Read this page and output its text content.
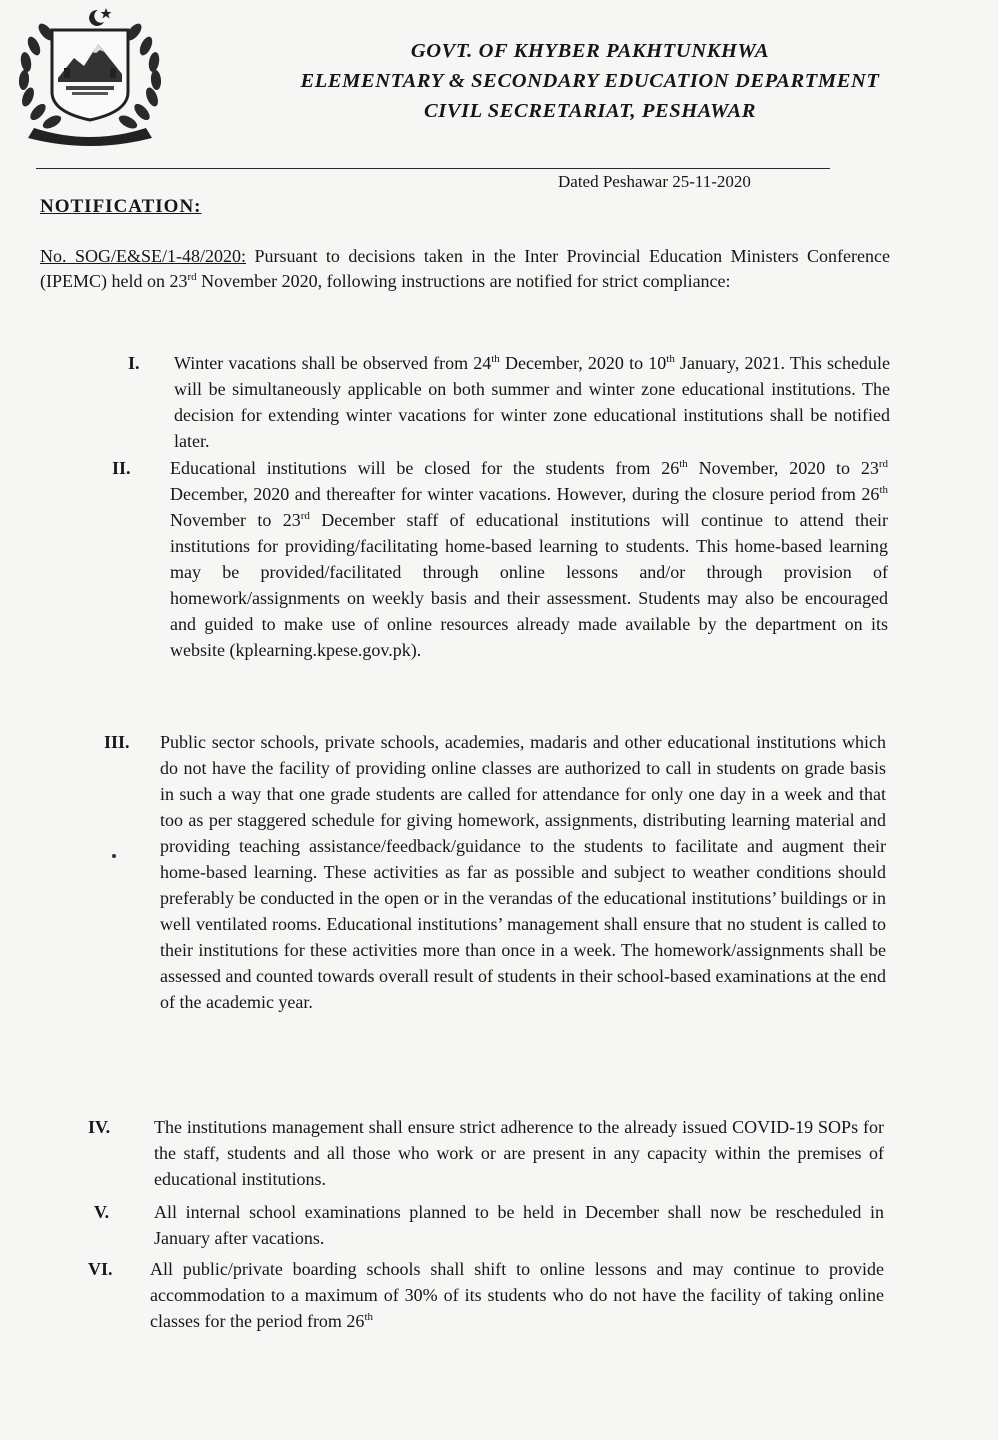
GOVT. OF KHYBER PAKHTUNKHWA
ELEMENTARY & SECONDARY EDUCATION DEPARTMENT
CIVIL SECRETARIAT, PESHAWAR
Dated Peshawar 25-11-2020
NOTIFICATION:
No. SOG/E&SE/1-48/2020: Pursuant to decisions taken in the Inter Provincial Education Ministers Conference (IPEMC) held on 23rd November 2020, following instructions are notified for strict compliance:
I.	Winter vacations shall be observed from 24th December, 2020 to 10th January, 2021. This schedule will be simultaneously applicable on both summer and winter zone educational institutions. The decision for extending winter vacations for winter zone educational institutions shall be notified later.
II.	Educational institutions will be closed for the students from 26th November, 2020 to 23rd December, 2020 and thereafter for winter vacations. However, during the closure period from 26th November to 23rd December staff of educational institutions will continue to attend their institutions for providing/facilitating home-based learning to students. This home-based learning may be provided/facilitated through online lessons and/or through provision of homework/assignments on weekly basis and their assessment. Students may also be encouraged and guided to make use of online resources already made available by the department on its website (kplearning.kpese.gov.pk).
III.	Public sector schools, private schools, academies, madaris and other educational institutions which do not have the facility of providing online classes are authorized to call in students on grade basis in such a way that one grade students are called for attendance for only one day in a week and that too as per staggered schedule for giving homework, assignments, distributing learning material and providing teaching assistance/feedback/guidance to the students to facilitate and augment their home-based learning. These activities as far as possible and subject to weather conditions should preferably be conducted in the open or in the verandas of the educational institutions’ buildings or in well ventilated rooms. Educational institutions’ management shall ensure that no student is called to their institutions for these activities more than once in a week. The homework/assignments shall be assessed and counted towards overall result of students in their school-based examinations at the end of the academic year.
IV.	The institutions management shall ensure strict adherence to the already issued COVID-19 SOPs for the staff, students and all those who work or are present in any capacity within the premises of educational institutions.
V.	All internal school examinations planned to be held in December shall now be rescheduled in January after vacations.
VI.	All public/private boarding schools shall shift to online lessons and may continue to provide accommodation to a maximum of 30% of its students who do not have the facility of taking online classes for the period from 26th
